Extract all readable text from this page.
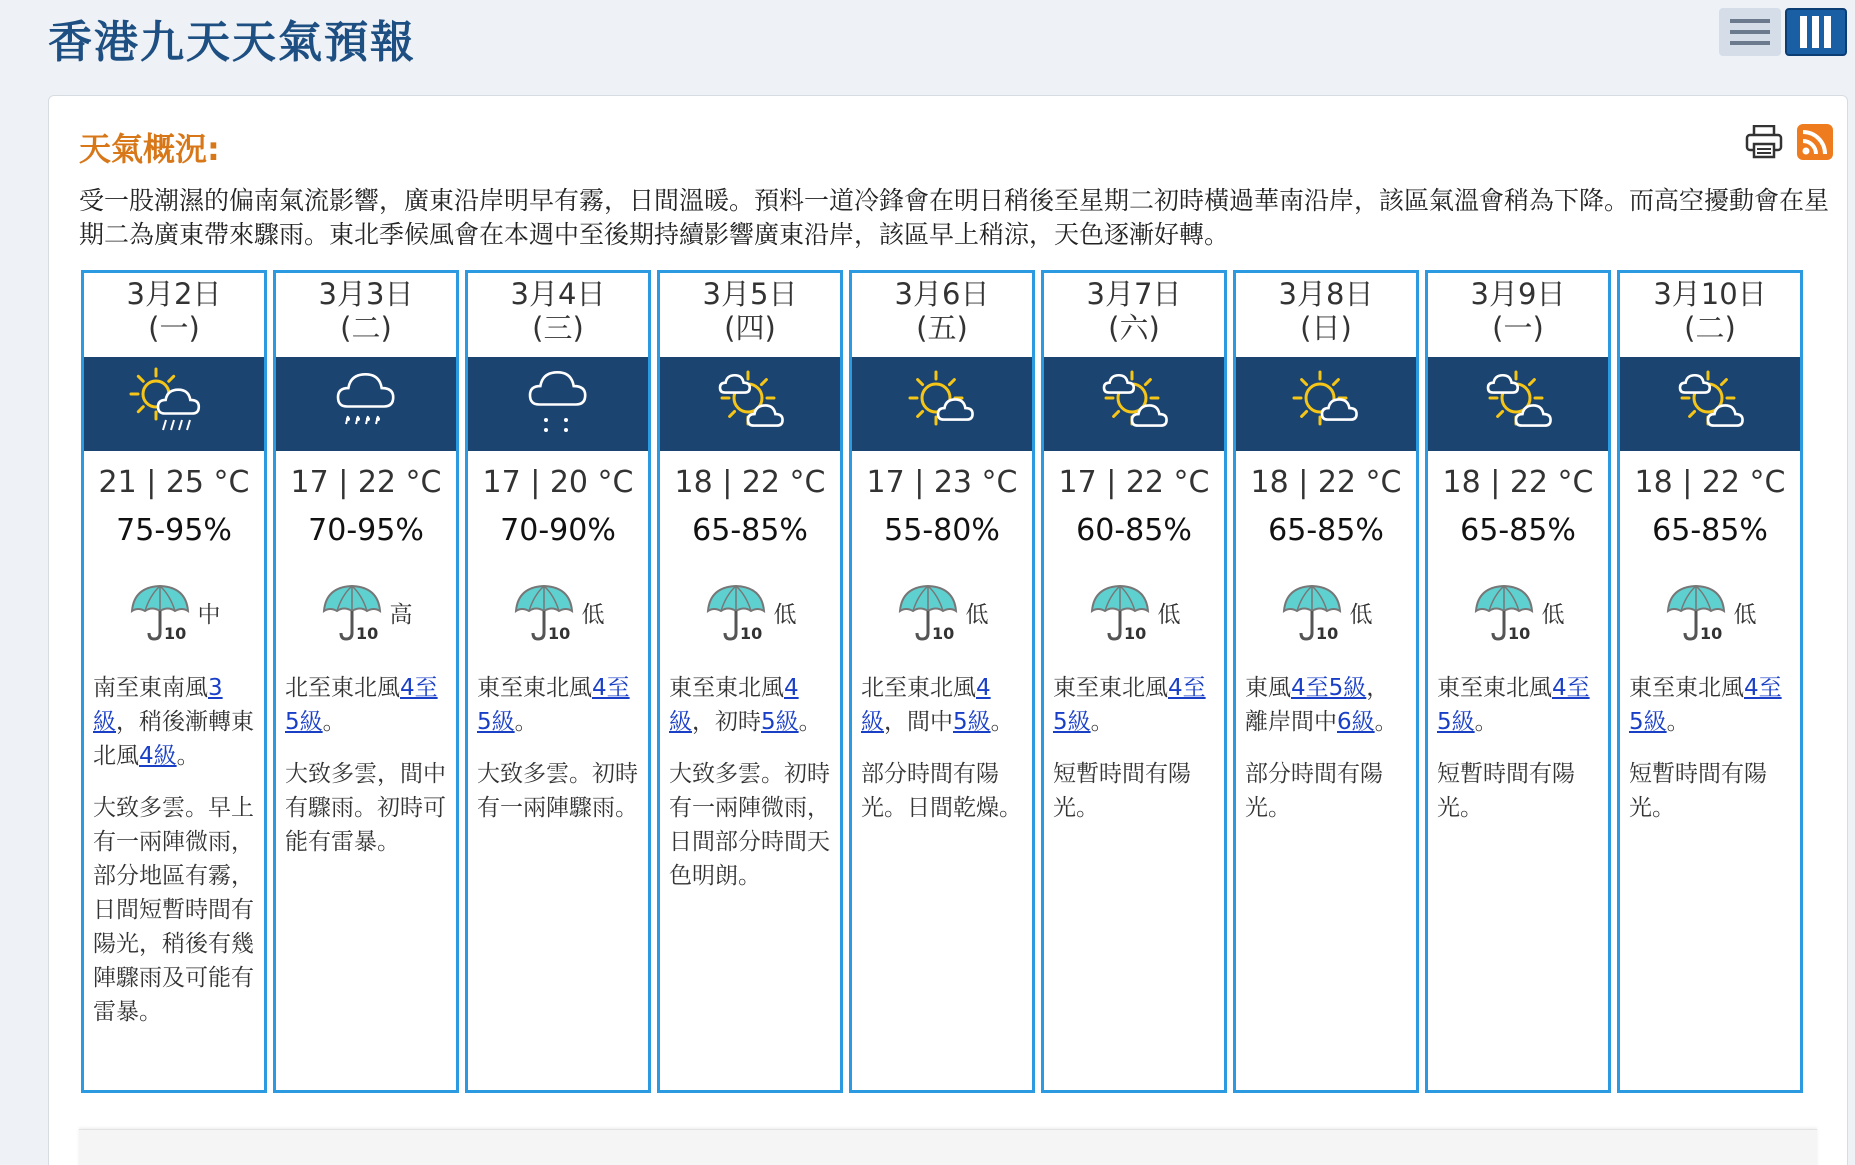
香港九天天氣預報
天氣概況:
受一股潮濕的偏南氣流影響，廣東沿岸明早有霧，日間溫暖。預料一道冷鋒會在明日稍後至星期二初時橫過華南沿岸，該區氣溫會稍為下降。而高空擾動會在星期二為廣東帶來驟雨。東北季候風會在本週中至後期持續影響廣東沿岸，該區早上稍涼，天色逐漸好轉。
3月2日
(一)
21 | 25 °C
75-95%
10
中
南至東南風3級，稍後漸轉東北風4級。
大致多雲。早上有一兩陣微雨，部分地區有霧，日間短暫時間有陽光，稍後有幾陣驟雨及可能有雷暴。
3月3日
(二)
17 | 22 °C
70-95%
10
高
北至東北風4至5級。
大致多雲，間中有驟雨。初時可能有雷暴。
3月4日
(三)
17 | 20 °C
70-90%
10
低
東至東北風4至5級。
大致多雲。初時有一兩陣驟雨。
3月5日
(四)
18 | 22 °C
65-85%
10
低
東至東北風4級，初時5級。
大致多雲。初時有一兩陣微雨，日間部分時間天色明朗。
3月6日
(五)
17 | 23 °C
55-80%
10
低
北至東北風4級，間中5級。
部分時間有陽光。日間乾燥。
3月7日
(六)
17 | 22 °C
60-85%
10
低
東至東北風4至5級。
短暫時間有陽光。
3月8日
(日)
18 | 22 °C
65-85%
10
低
東風4至5級，離岸間中6級。
部分時間有陽光。
3月9日
(一)
18 | 22 °C
65-85%
10
低
東至東北風4至5級。
短暫時間有陽光。
3月10日
(二)
18 | 22 °C
65-85%
10
低
東至東北風4至5級。
短暫時間有陽光。
